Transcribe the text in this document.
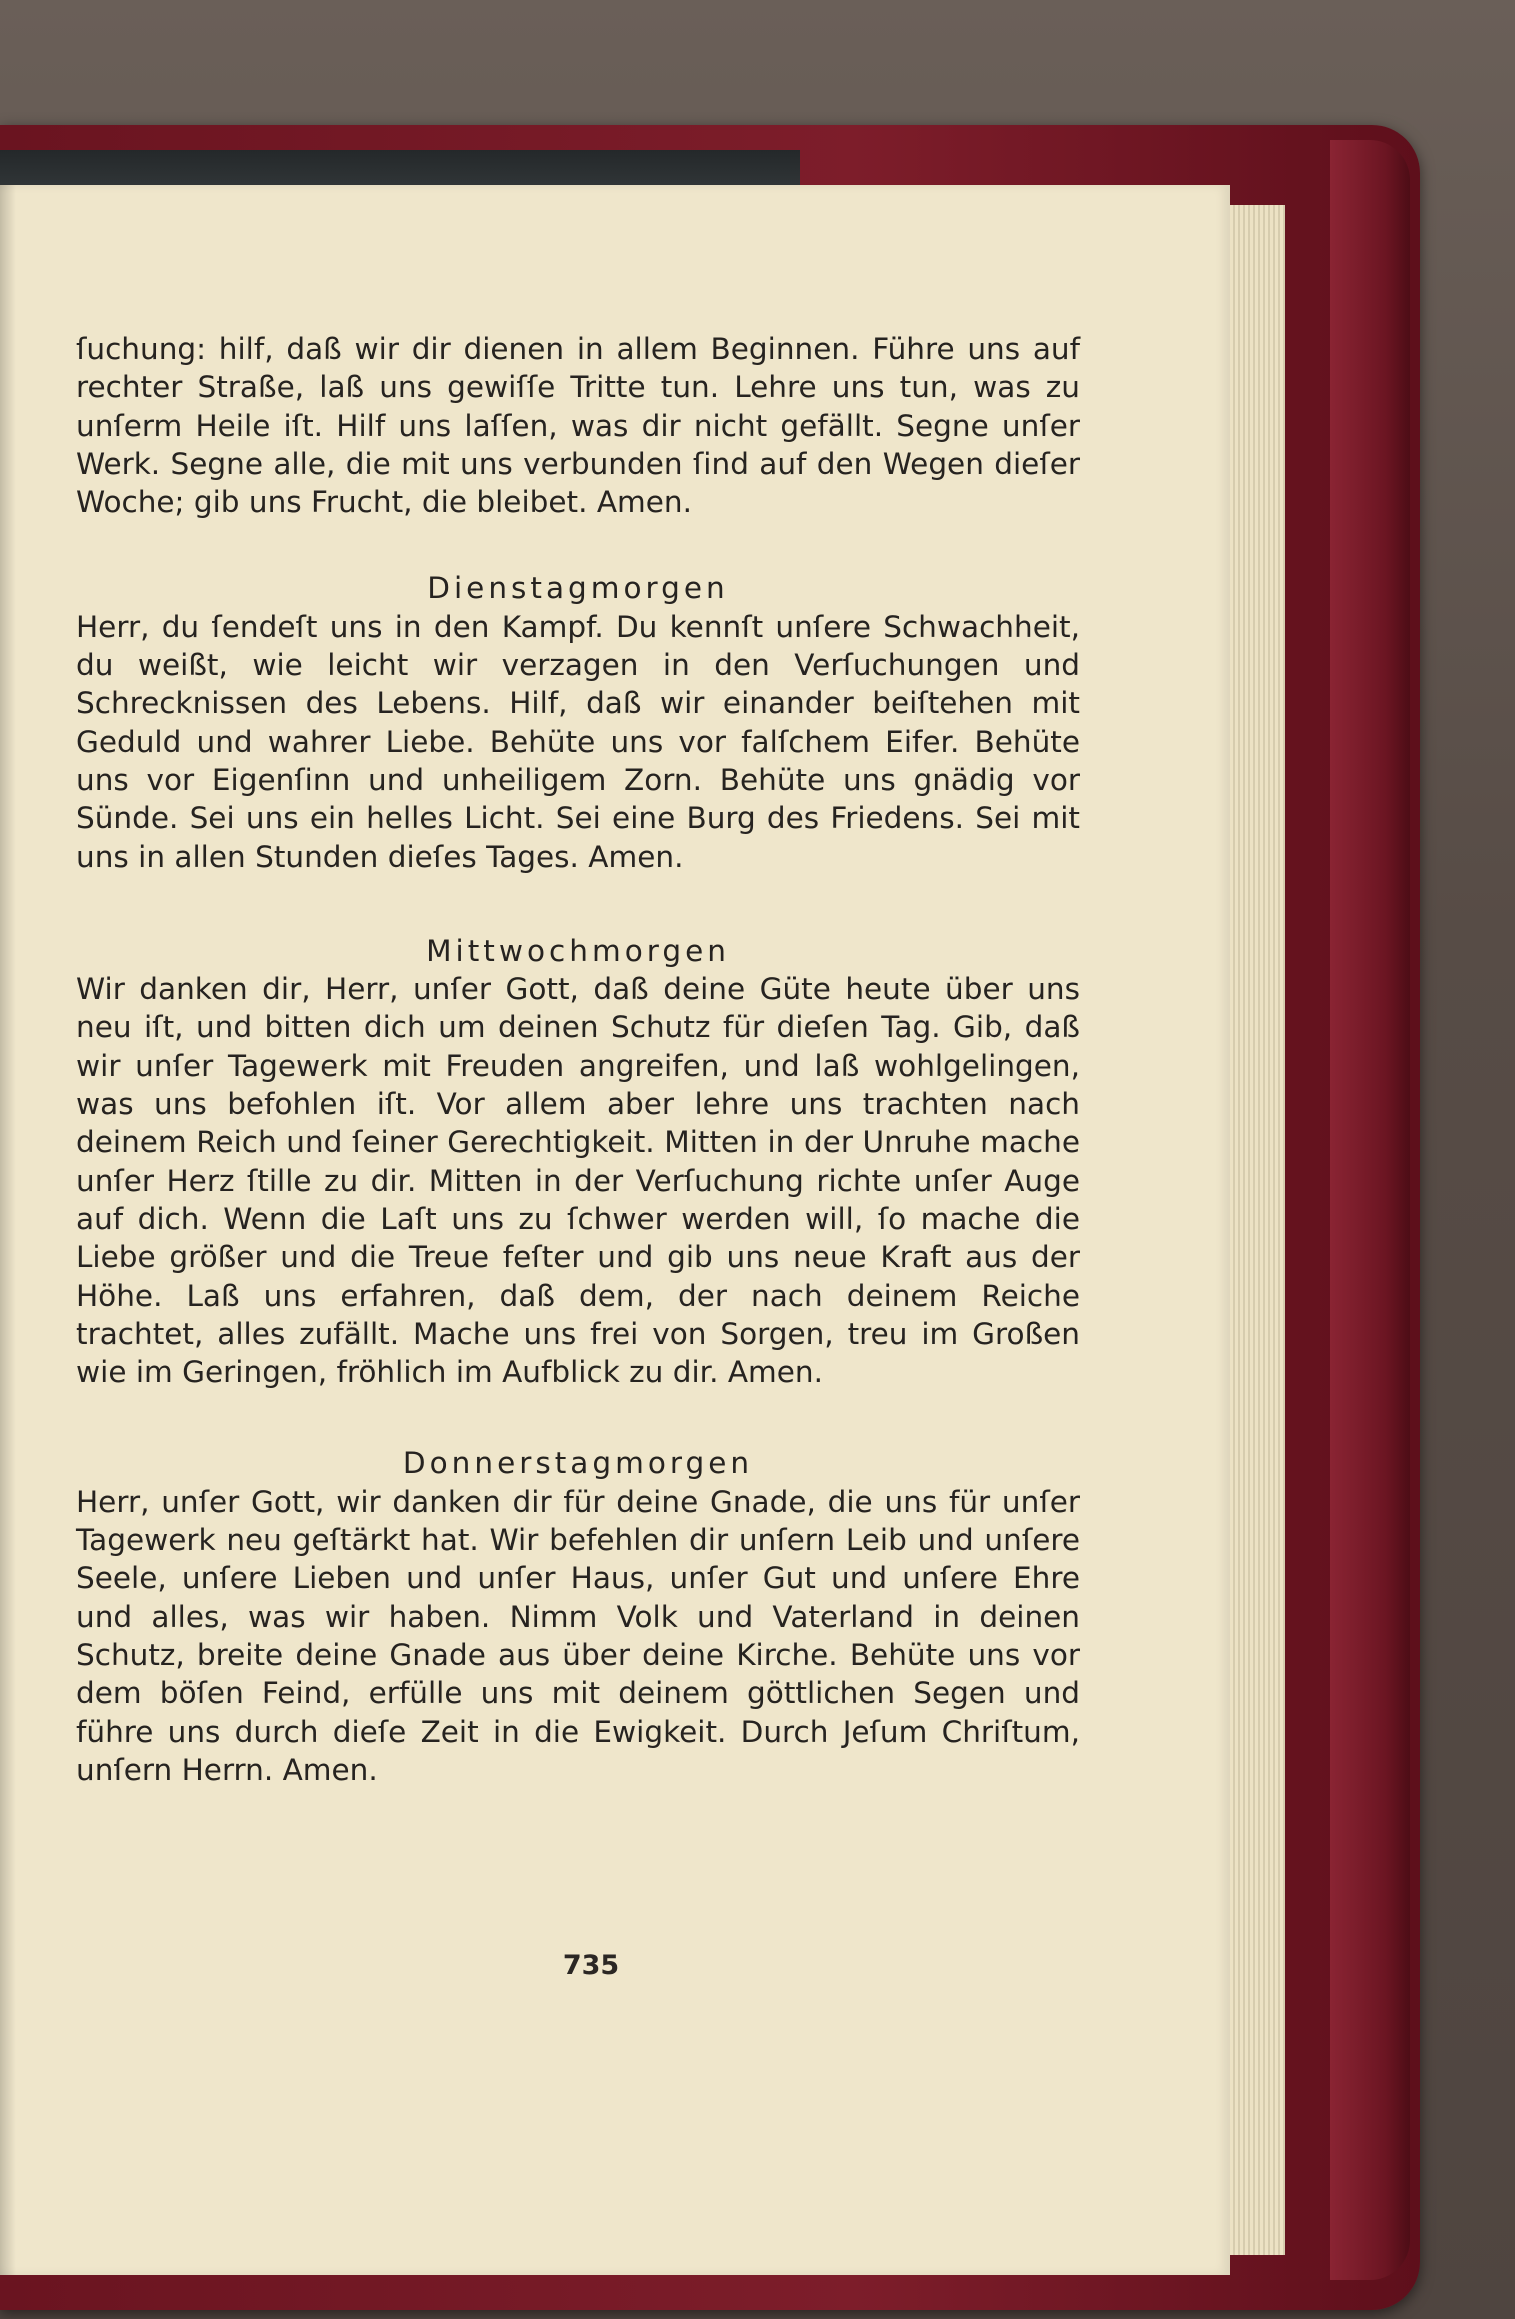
ſuchung: hilf, daß wir dir dienen in allem Beginnen. Führe uns auf rechter Straße, laß uns gewiſſe Tritte tun. Lehre uns tun, was zu unſerm Heile iſt. Hilf uns laſſen, was dir nicht gefällt. Segne unſer Werk. Segne alle, die mit uns verbunden ſind auf den Wegen dieſer Woche; gib uns Frucht, die bleibet. Amen.

Dienstagmorgen

Herr, du ſendeſt uns in den Kampf. Du kennſt unſere Schwachheit, du weißt, wie leicht wir verzagen in den Verſuchungen und Schrecknissen des Lebens. Hilf, daß wir einander beiſtehen mit Geduld und wahrer Liebe. Behüte uns vor falſchem Eifer. Behüte uns vor Eigenſinn und unheiligem Zorn. Behüte uns gnädig vor Sünde. Sei uns ein helles Licht. Sei eine Burg des Friedens. Sei mit uns in allen Stunden dieſes Tages. Amen.

Mittwochmorgen

Wir danken dir, Herr, unſer Gott, daß deine Güte heute über uns neu iſt, und bitten dich um deinen Schutz für dieſen Tag. Gib, daß wir unſer Tagewerk mit Freuden angreifen, und laß wohlgelingen, was uns befohlen iſt. Vor allem aber lehre uns trachten nach deinem Reich und ſeiner Gerechtigkeit. Mitten in der Unruhe mache unſer Herz ſtille zu dir. Mitten in der Verſuchung richte unſer Auge auf dich. Wenn die Laſt uns zu ſchwer werden will, ſo mache die Liebe größer und die Treue feſter und gib uns neue Kraft aus der Höhe. Laß uns erfahren, daß dem, der nach deinem Reiche trachtet, alles zufällt. Mache uns frei von Sorgen, treu im Großen wie im Geringen, fröhlich im Aufblick zu dir. Amen.

Donnerstagmorgen

Herr, unſer Gott, wir danken dir für deine Gnade, die uns für unſer Tagewerk neu geſtärkt hat. Wir befehlen dir unſern Leib und unſere Seele, unſere Lieben und unſer Haus, unſer Gut und unſere Ehre und alles, was wir haben. Nimm Volk und Vaterland in deinen Schutz, breite deine Gnade aus über deine Kirche. Behüte uns vor dem böſen Feind, erfülle uns mit deinem göttlichen Segen und führe uns durch dieſe Zeit in die Ewigkeit. Durch Jeſum Chriſtum, unſern Herrn. Amen.

735
